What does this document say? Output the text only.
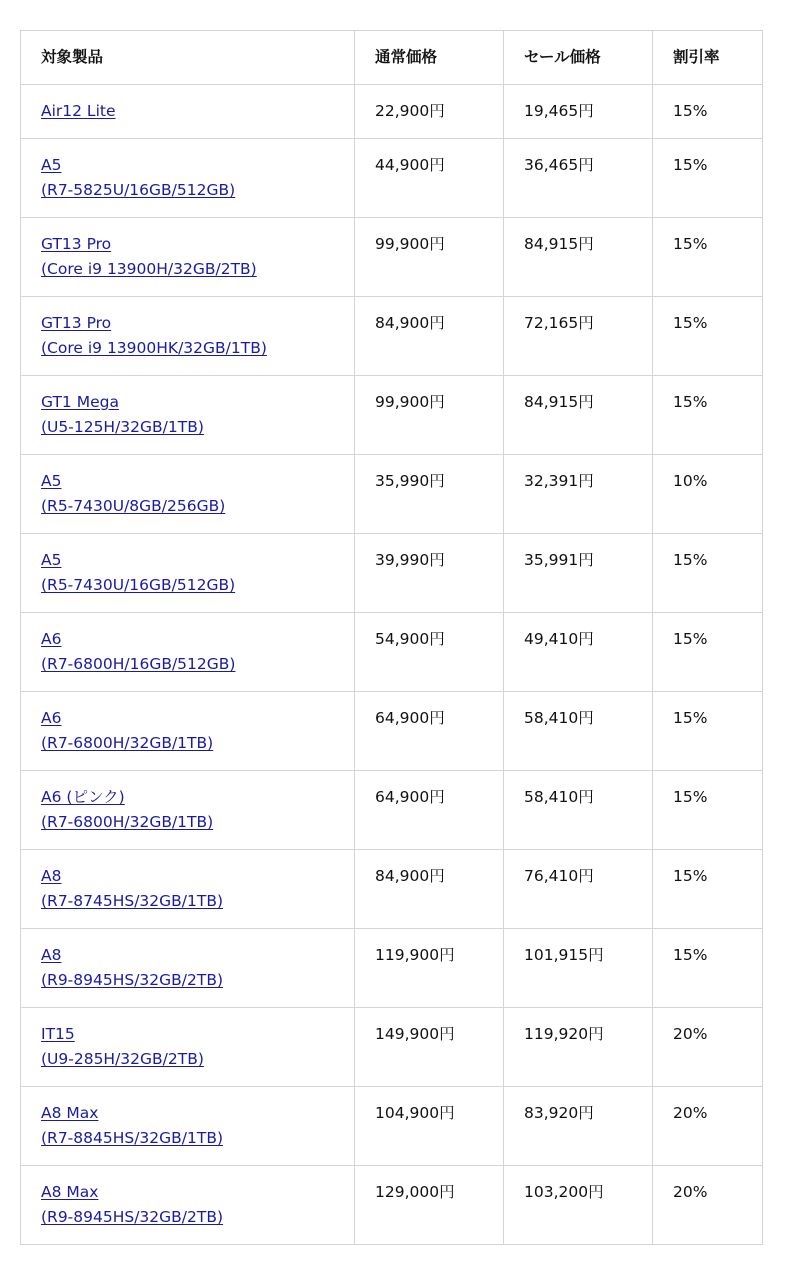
対象製品	通常価格	セール価格	割引率

Air12 Lite	22,900円	19,465円	15%

A5
(R7-5825U/16GB/512GB)	44,900円	36,465円	15%

GT13 Pro
(Core i9 13900H/32GB/2TB)	99,900円	84,915円	15%

GT13 Pro
(Core i9 13900HK/32GB/1TB)	84,900円	72,165円	15%

GT1 Mega
(U5-125H/32GB/1TB)	99,900円	84,915円	15%

A5
(R5-7430U/8GB/256GB)	35,990円	32,391円	10%

A5
(R5-7430U/16GB/512GB)	39,990円	35,991円	15%

A6
(R7-6800H/16GB/512GB)	54,900円	49,410円	15%

A6
(R7-6800H/32GB/1TB)	64,900円	58,410円	15%

A6 (ピンク)
(R7-6800H/32GB/1TB)	64,900円	58,410円	15%

A8
(R7-8745HS/32GB/1TB)	84,900円	76,410円	15%

A8
(R9-8945HS/32GB/2TB)	119,900円	101,915円	15%

IT15
(U9-285H/32GB/2TB)	149,900円	119,920円	20%

A8 Max
(R7-8845HS/32GB/1TB)	104,900円	83,920円	20%

A8 Max
(R9-8945HS/32GB/2TB)	129,000円	103,200円	20%
